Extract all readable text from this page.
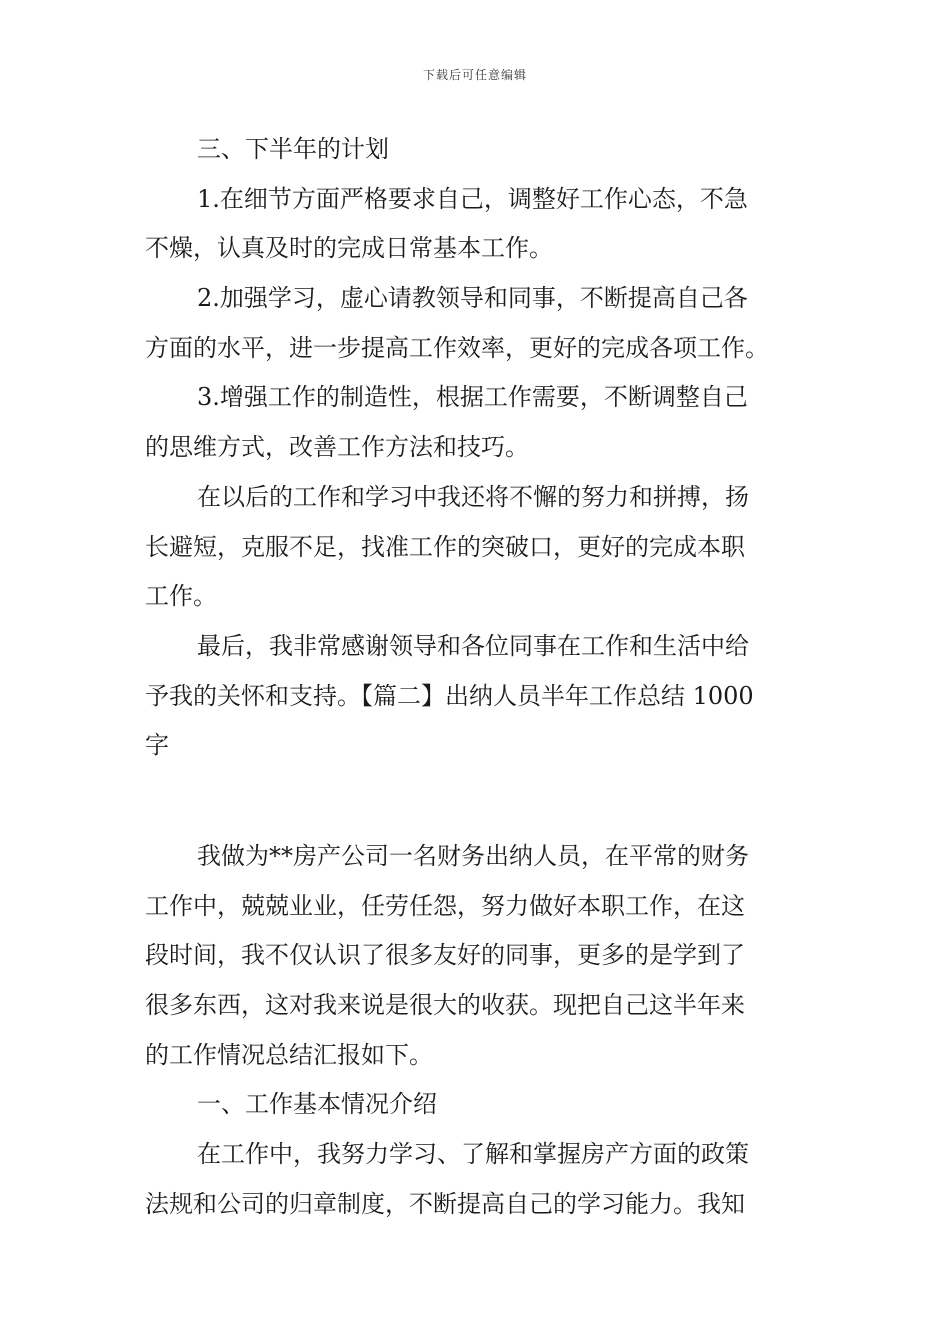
下载后可任意编辑
三、下半年的计划
1.在细节方面严格要求自己，调整好工作心态，不急
不燥，认真及时的完成日常基本工作。
2.加强学习，虚心请教领导和同事，不断提高自己各
方面的水平，进一步提高工作效率，更好的完成各项工作。
3.增强工作的制造性，根据工作需要，不断调整自己
的思维方式，改善工作方法和技巧。
在以后的工作和学习中我还将不懈的努力和拼搏，扬
长避短，克服不足，找准工作的突破口，更好的完成本职
工作。
最后，我非常感谢领导和各位同事在工作和生活中给
予我的关怀和支持。【篇二】出纳人员半年工作总结 1000
字
我做为**房产公司一名财务出纳人员，在平常的财务
工作中，兢兢业业，任劳任怨，努力做好本职工作，在这
段时间，我不仅认识了很多友好的同事，更多的是学到了
很多东西，这对我来说是很大的收获。现把自己这半年来
的工作情况总结汇报如下。
一、工作基本情况介绍
在工作中，我努力学习、了解和掌握房产方面的政策
法规和公司的归章制度，不断提高自己的学习能力。我知
